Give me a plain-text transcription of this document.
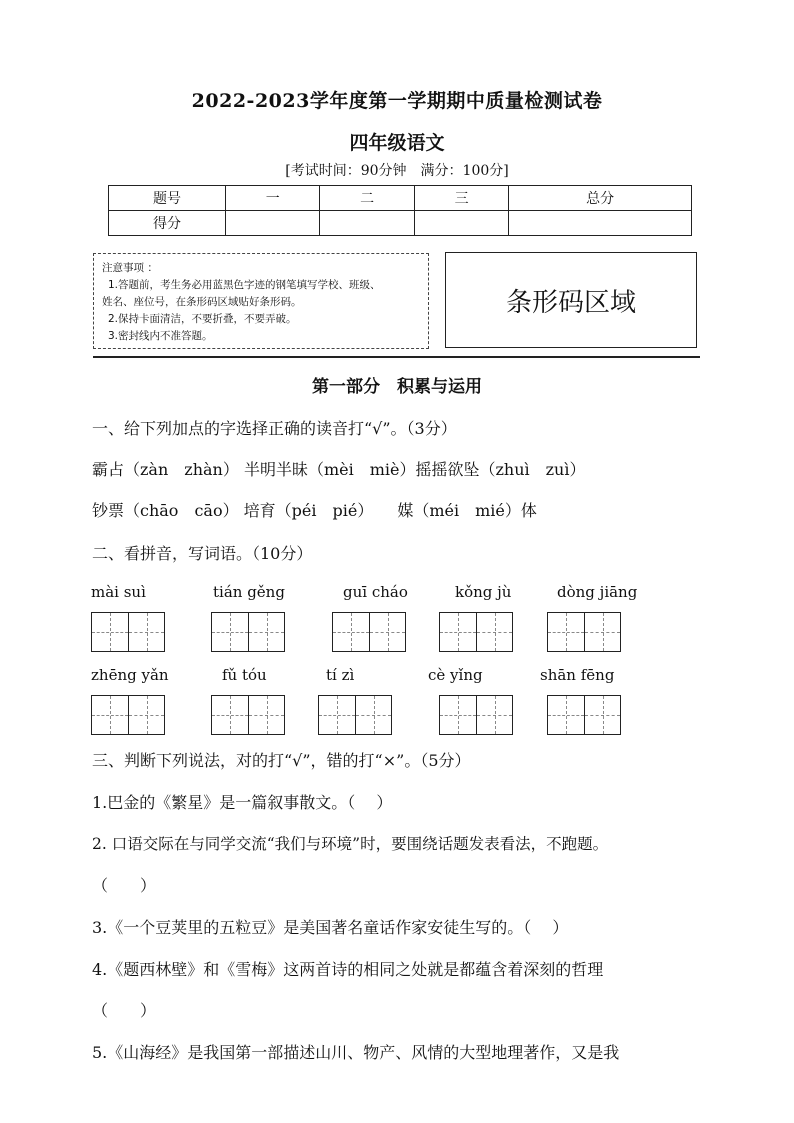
2022-2023学年度第一学期期中质量检测试卷
四年级语文
[考试时间：90分钟　满分：100分]
题号	一	二	三	总分
得分				
注意事项 ：
1.答题前，考生务必用蓝黑色字迹的钢笔填写学校、班级、
姓名、座位号，在条形码区域贴好条形码。
2.保持卡面清洁，不要折叠，不要弄破。
3.密封线内不准答题。
条形码区域
第一部分　积累与运用
一、给下列加点的字选择正确的读音打“√”。（3分）
霸占（zàn　zhàn） 半明半昧（mèi　miè）摇摇欲坠（zhuì　zuì）
钞票（chāo　cāo） 培育（péi　pié）　　媒（méi　mié）体
二、看拼音，写词语。（10分）
mài suì	tián gěng	guī cháo	kǒng jù	dòng jiāng
zhēng yǎn	fǔ tóu	tí zì	cè yǐng	shān fēng
三、判断下列说法，对的打“√”，错的打“×”。（5分）
1.巴金的《繁星》是一篇叙事散文。（　 ）
2. 口语交际在与同学交流“我们与环境”时，要围绕话题发表看法，不跑题。
（　　）
3.《一个豆荚里的五粒豆》是美国著名童话作家安徒生写的。（　 ）
4.《题西林壁》和《雪梅》这两首诗的相同之处就是都蕴含着深刻的哲理
（　　）
5.《山海经》是我国第一部描述山川、物产、风情的大型地理著作，又是我
